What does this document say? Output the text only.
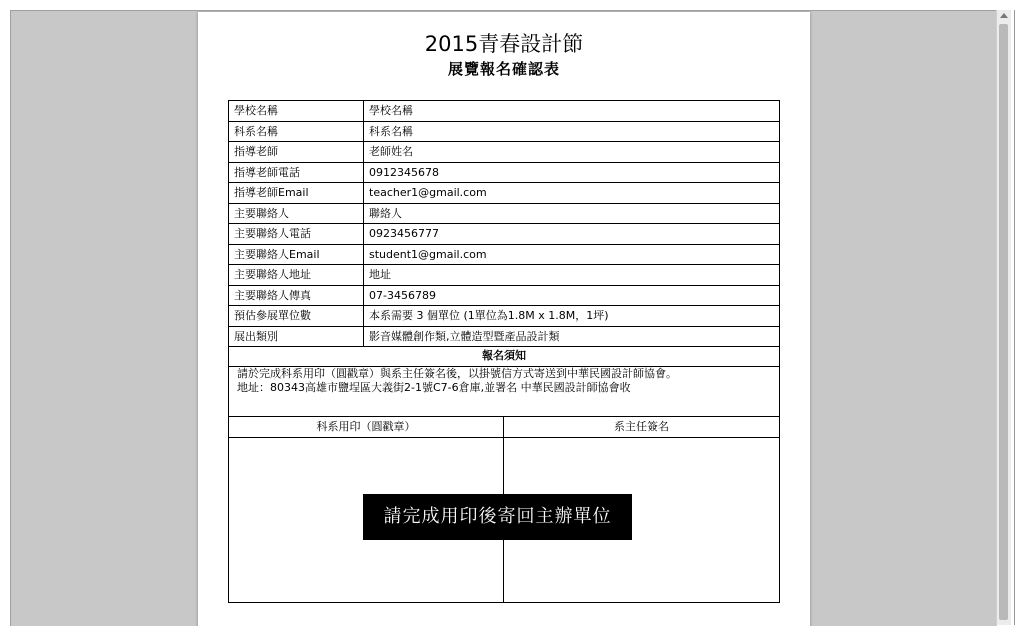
2015青春設計節
展覽報名確認表
學校名稱	學校名稱
科系名稱	科系名稱
指導老師	老師姓名
指導老師電話	0912345678
指導老師Email	teacher1@gmail.com
主要聯絡人	聯絡人
主要聯絡人電話	0923456777
主要聯絡人Email	student1@gmail.com
主要聯絡人地址	地址
主要聯絡人傳真	07-3456789
預估參展單位數	本系需要 3 個單位 (1單位為1.8M x 1.8M，1坪)
展出類別	影音媒體創作類,立體造型暨產品設計類
報名須知
請於完成科系用印（圓戳章）與系主任簽名後，以掛號信方式寄送到中華民國設計師協會。
地址：80343高雄市鹽埕區大義街2-1號C7-6倉庫,並署名 中華民國設計師協會收
科系用印（圓戳章）	系主任簽名
請完成用印後寄回主辦單位
